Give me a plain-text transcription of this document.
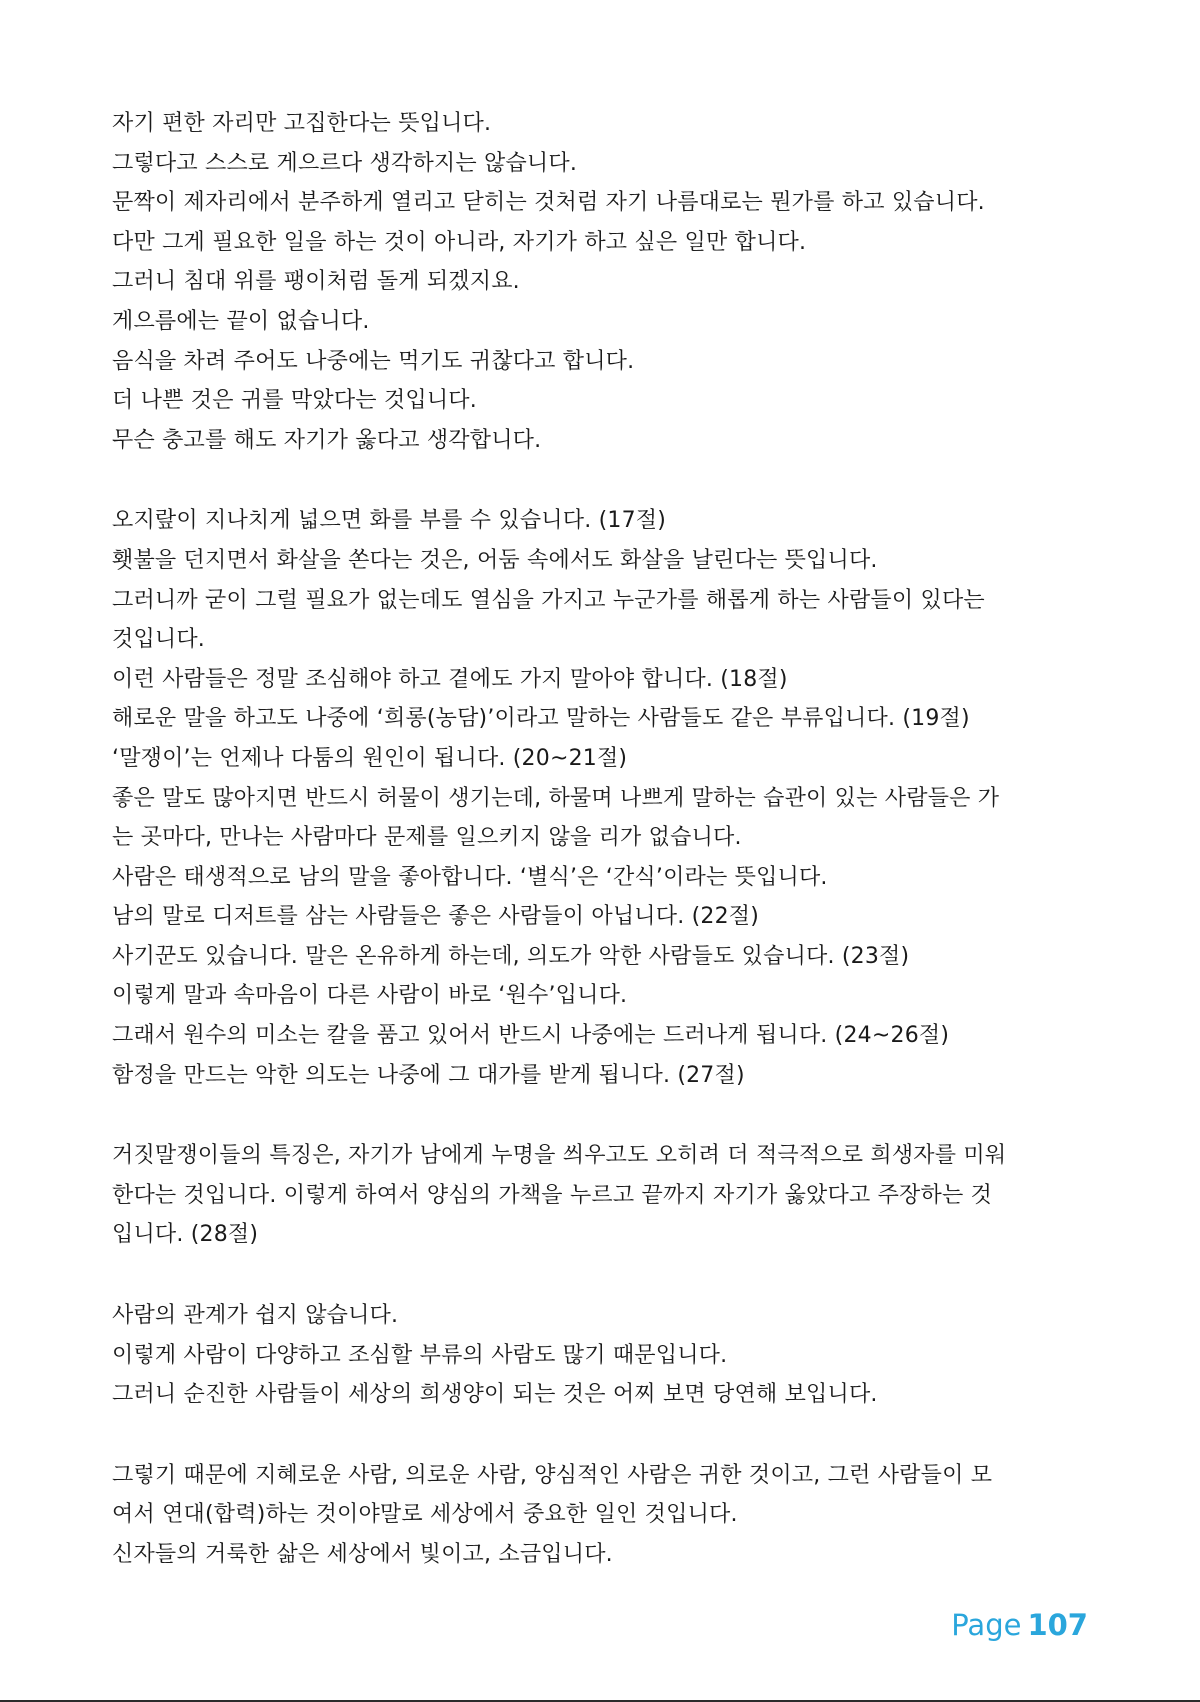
자기 편한 자리만 고집한다는 뜻입니다.
그렇다고 스스로 게으르다 생각하지는 않습니다.
문짝이 제자리에서 분주하게 열리고 닫히는 것처럼 자기 나름대로는 뭔가를 하고 있습니다.
다만 그게 필요한 일을 하는 것이 아니라, 자기가 하고 싶은 일만 합니다.
그러니 침대 위를 팽이처럼 돌게 되겠지요.
게으름에는 끝이 없습니다.
음식을 차려 주어도 나중에는 먹기도 귀찮다고 합니다.
더 나쁜 것은 귀를 막았다는 것입니다.
무슨 충고를 해도 자기가 옳다고 생각합니다.
오지랖이 지나치게 넓으면 화를 부를 수 있습니다. (17절)
횃불을 던지면서 화살을 쏜다는 것은, 어둠 속에서도 화살을 날린다는 뜻입니다.
그러니까 굳이 그럴 필요가 없는데도 열심을 가지고 누군가를 해롭게 하는 사람들이 있다는
것입니다.
이런 사람들은 정말 조심해야 하고 곁에도 가지 말아야 합니다. (18절)
해로운 말을 하고도 나중에 ‘희롱(농담)’이라고 말하는 사람들도 같은 부류입니다. (19절)
‘말쟁이’는 언제나 다툼의 원인이 됩니다. (20~21절)
좋은 말도 많아지면 반드시 허물이 생기는데, 하물며 나쁘게 말하는 습관이 있는 사람들은 가
는 곳마다, 만나는 사람마다 문제를 일으키지 않을 리가 없습니다.
사람은 태생적으로 남의 말을 좋아합니다. ‘별식’은 ‘간식’이라는 뜻입니다.
남의 말로 디저트를 삼는 사람들은 좋은 사람들이 아닙니다. (22절)
사기꾼도 있습니다. 말은 온유하게 하는데, 의도가 악한 사람들도 있습니다. (23절)
이렇게 말과 속마음이 다른 사람이 바로 ‘원수’입니다.
그래서 원수의 미소는 칼을 품고 있어서 반드시 나중에는 드러나게 됩니다. (24~26절)
함정을 만드는 악한 의도는 나중에 그 대가를 받게 됩니다. (27절)
거짓말쟁이들의 특징은, 자기가 남에게 누명을 씌우고도 오히려 더 적극적으로 희생자를 미워
한다는 것입니다. 이렇게 하여서 양심의 가책을 누르고 끝까지 자기가 옳았다고 주장하는 것
입니다. (28절)
사람의 관계가 쉽지 않습니다.
이렇게 사람이 다양하고 조심할 부류의 사람도 많기 때문입니다.
그러니 순진한 사람들이 세상의 희생양이 되는 것은 어찌 보면 당연해 보입니다.
그렇기 때문에 지혜로운 사람, 의로운 사람, 양심적인 사람은 귀한 것이고, 그런 사람들이 모
여서 연대(합력)하는 것이야말로 세상에서 중요한 일인 것입니다.
신자들의 거룩한 삶은 세상에서 빛이고, 소금입니다.
Page 107
